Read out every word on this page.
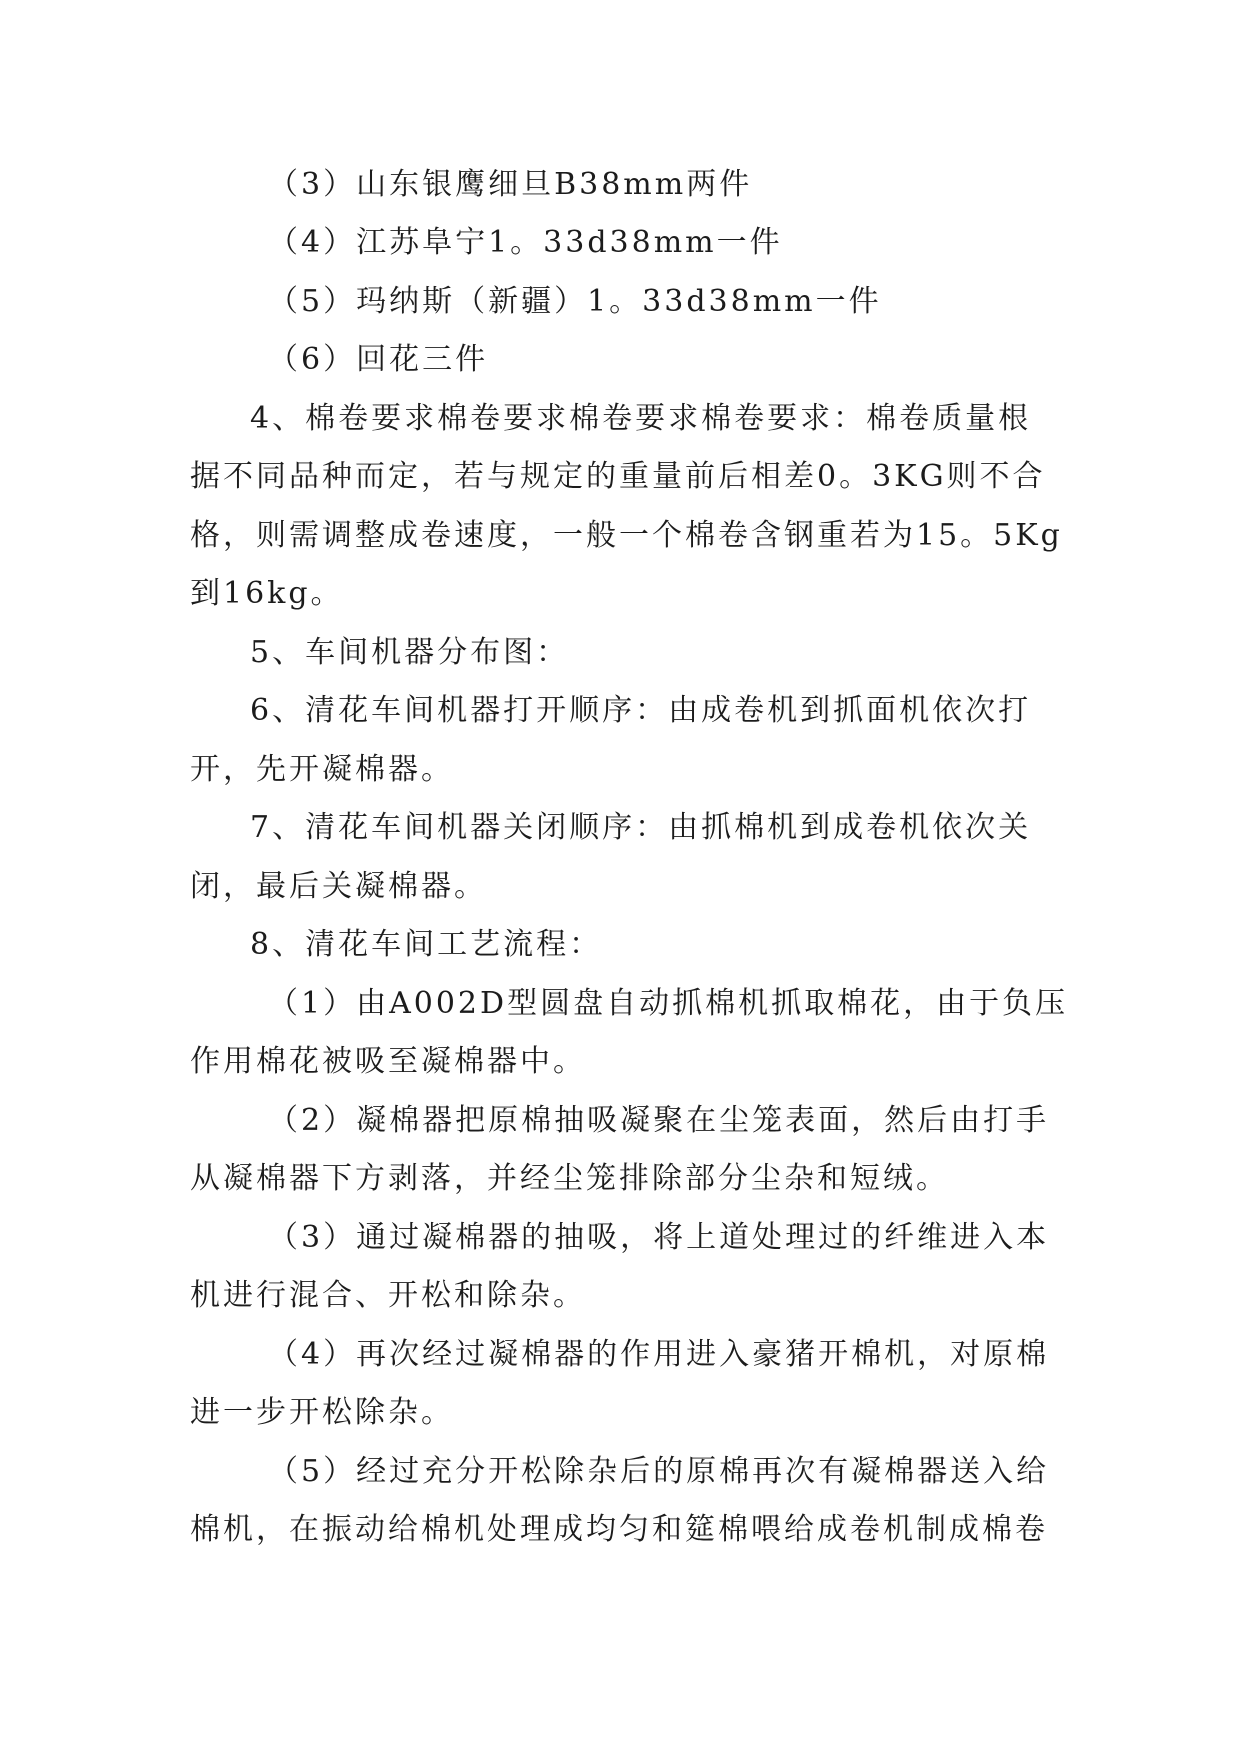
（3）山东银鹰细旦B38mm两件
（4）江苏阜宁1。33d38mm一件
（5）玛纳斯（新疆）1。33d38mm一件
（6）回花三件
4、棉卷要求棉卷要求棉卷要求棉卷要求：棉卷质量根
据不同品种而定，若与规定的重量前后相差0。3KG则不合
格，则需调整成卷速度，一般一个棉卷含钢重若为15。5Kg
到16kg。
5、车间机器分布图：
6、清花车间机器打开顺序：由成卷机到抓面机依次打
开，先开凝棉器。
7、清花车间机器关闭顺序：由抓棉机到成卷机依次关
闭，最后关凝棉器。
8、清花车间工艺流程：
（1）由A002D型圆盘自动抓棉机抓取棉花，由于负压
作用棉花被吸至凝棉器中。
（2）凝棉器把原棉抽吸凝聚在尘笼表面，然后由打手
从凝棉器下方剥落，并经尘笼排除部分尘杂和短绒。
（3）通过凝棉器的抽吸，将上道处理过的纤维进入本
机进行混合、开松和除杂。
（4）再次经过凝棉器的作用进入豪猪开棉机，对原棉
进一步开松除杂。
（5）经过充分开松除杂后的原棉再次有凝棉器送入给
棉机，在振动给棉机处理成均匀和筵棉喂给成卷机制成棉卷
